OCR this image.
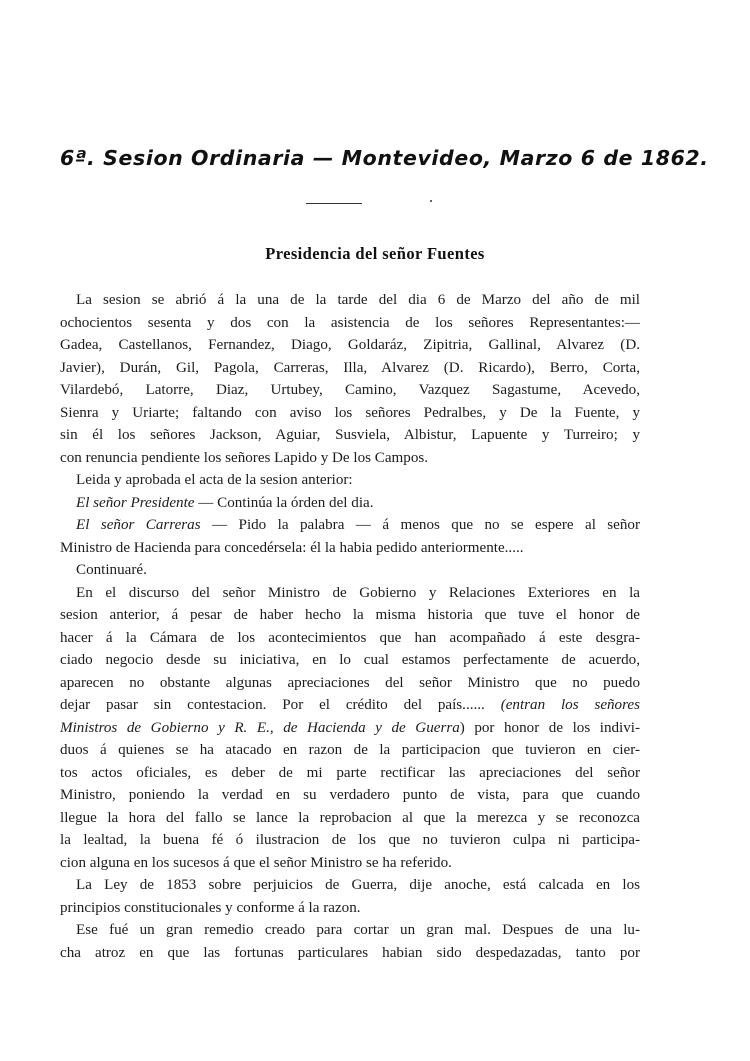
6ª. Sesion Ordinaria — Montevideo, Marzo 6 de 1862.
Presidencia del señor Fuentes
La sesion se abrió á la una de la tarde del dia 6 de Marzo del año de mil
ochocientos sesenta y dos con la asistencia de los señores Representantes:—
Gadea, Castellanos, Fernandez, Diago, Goldaráz, Zipitria, Gallinal, Alvarez (D.
Javier), Durán, Gil, Pagola, Carreras, Illa, Alvarez (D. Ricardo), Berro, Corta,
Vilardebó, Latorre, Diaz, Urtubey, Camino, Vazquez Sagastume, Acevedo,
Sienra y Uriarte; faltando con aviso los señores Pedralbes, y De la Fuente, y
sin él los señores Jackson, Aguiar, Susviela, Albistur, Lapuente y Turreiro; y
con renuncia pendiente los señores Lapido y De los Campos.
Leida y aprobada el acta de la sesion anterior:
El señor Presidente — Continúa la órden del dia.
El señor Carreras — Pido la palabra — á menos que no se espere al señor
Ministro de Hacienda para concedérsela: él la habia pedido anteriormente.....
Continuaré.
En el discurso del señor Ministro de Gobierno y Relaciones Exteriores en la
sesion anterior, á pesar de haber hecho la misma historia que tuve el honor de
hacer á la Cámara de los acontecimientos que han acompañado á este desgra-
ciado negocio desde su iniciativa, en lo cual estamos perfectamente de acuerdo,
aparecen no obstante algunas apreciaciones del señor Ministro que no puedo
dejar pasar sin contestacion. Por el crédito del país...... (entran los señores
Ministros de Gobierno y R. E., de Hacienda y de Guerra) por honor de los indivi-
duos á quienes se ha atacado en razon de la participacion que tuvieron en cier-
tos actos oficiales, es deber de mi parte rectificar las apreciaciones del señor
Ministro, poniendo la verdad en su verdadero punto de vista, para que cuando
llegue la hora del fallo se lance la reprobacion al que la merezca y se reconozca
la lealtad, la buena fé ó ilustracion de los que no tuvieron culpa ni participa-
cion alguna en los sucesos á que el señor Ministro se ha referido.
La Ley de 1853 sobre perjuicios de Guerra, dije anoche, está calcada en los
principios constitucionales y conforme á la razon.
Ese fué un gran remedio creado para cortar un gran mal. Despues de una lu-
cha atroz en que las fortunas particulares habian sido despedazadas, tanto por
